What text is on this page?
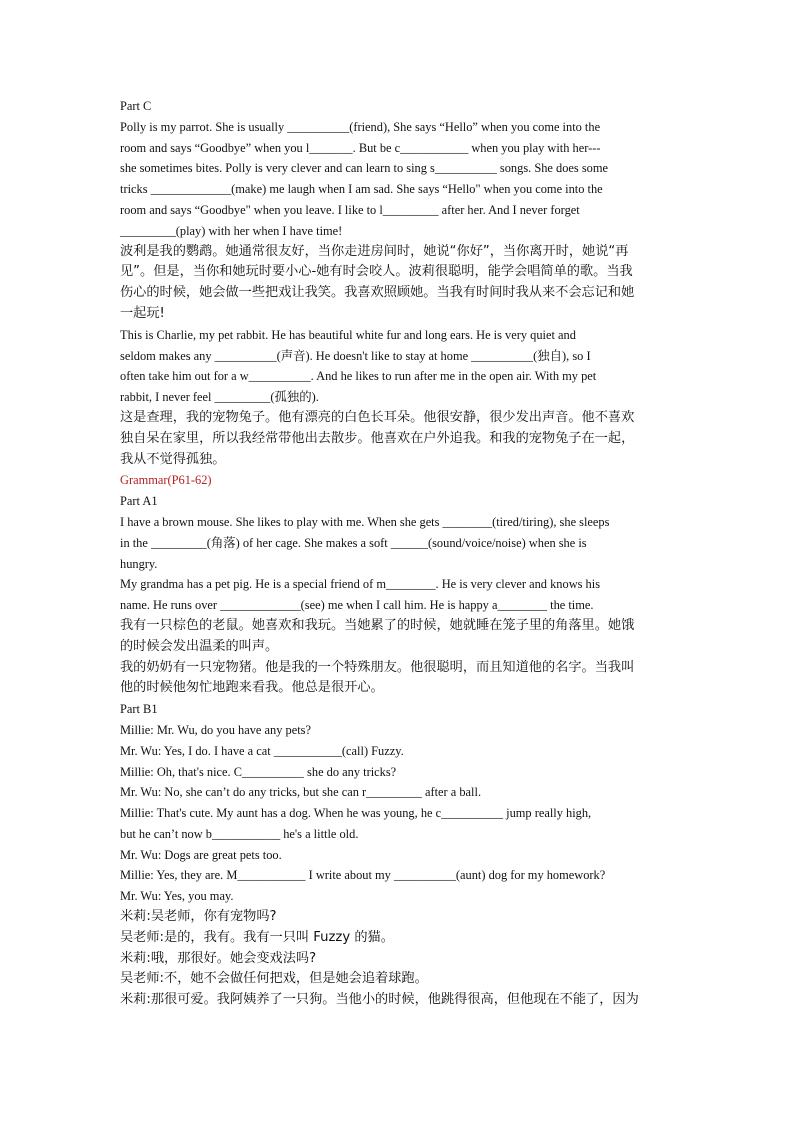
Part C
Polly is my parrot. She is usually __________(friend), She says “Hello” when you come into the
room and says “Goodbye” when you l_______. But be c___________ when you play with her---
she sometimes bites. Polly is very clever and can learn to sing s__________ songs. She does some
tricks _____________(make) me laugh when I am sad. She says “Hello" when you come into the
room and says “Goodbye" when you leave. I like to l_________ after her. And I never forget
_________(play) with her when I have time!
波利是我的鹦鹉。她通常很友好，当你走进房间时，她说“你好”，当你离开时，她说“再
见”。但是，当你和她玩时要小心-她有时会咬人。波莉很聪明，能学会唱简单的歌。当我
伤心的时候，她会做一些把戏让我笑。我喜欢照顾她。当我有时间时我从来不会忘记和她
一起玩!
This is Charlie, my pet rabbit. He has beautiful white fur and long ears. He is very quiet and
seldom makes any __________(声音). He doesn't like to stay at home __________(独自), so I
often take him out for a w__________. And he likes to run after me in the open air. With my pet
rabbit, I never feel _________(孤独的).
这是查理，我的宠物兔子。他有漂亮的白色长耳朵。他很安静，很少发出声音。他不喜欢
独自呆在家里，所以我经常带他出去散步。他喜欢在户外追我。和我的宠物兔子在一起，
我从不觉得孤独。
Grammar(P61-62)
Part A1
I have a brown mouse. She likes to play with me. When she gets ________(tired/tiring), she sleeps
in the _________(角落) of her cage. She makes a soft ______(sound/voice/noise) when she is
hungry.
My grandma has a pet pig. He is a special friend of m________. He is very clever and knows his
name. He runs over _____________(see) me when I call him. He is happy a________ the time.
我有一只棕色的老鼠。她喜欢和我玩。当她累了的时候，她就睡在笼子里的角落里。她饿
的时候会发出温柔的叫声。
我的奶奶有一只宠物猪。他是我的一个特殊朋友。他很聪明，而且知道他的名字。当我叫
他的时候他匆忙地跑来看我。他总是很开心。
Part B1
Millie: Mr. Wu, do you have any pets?
Mr. Wu: Yes, I do. I have a cat ___________(call) Fuzzy.
Millie: Oh, that's nice. C__________ she do any tricks?
Mr. Wu: No, she can’t do any tricks, but she can r_________ after a ball.
Millie: That's cute. My aunt has a dog. When he was young, he c__________ jump really high,
but he can’t now b___________ he's a little old.
Mr. Wu: Dogs are great pets too.
Millie: Yes, they are. M___________ I write about my __________(aunt) dog for my homework?
Mr. Wu: Yes, you may.
米莉:吴老师，你有宠物吗?
吴老师:是的，我有。我有一只叫 Fuzzy 的猫。
米莉:哦，那很好。她会变戏法吗?
吴老师:不，她不会做任何把戏，但是她会追着球跑。
米莉:那很可爱。我阿姨养了一只狗。当他小的时候，他跳得很高，但他现在不能了，因为
